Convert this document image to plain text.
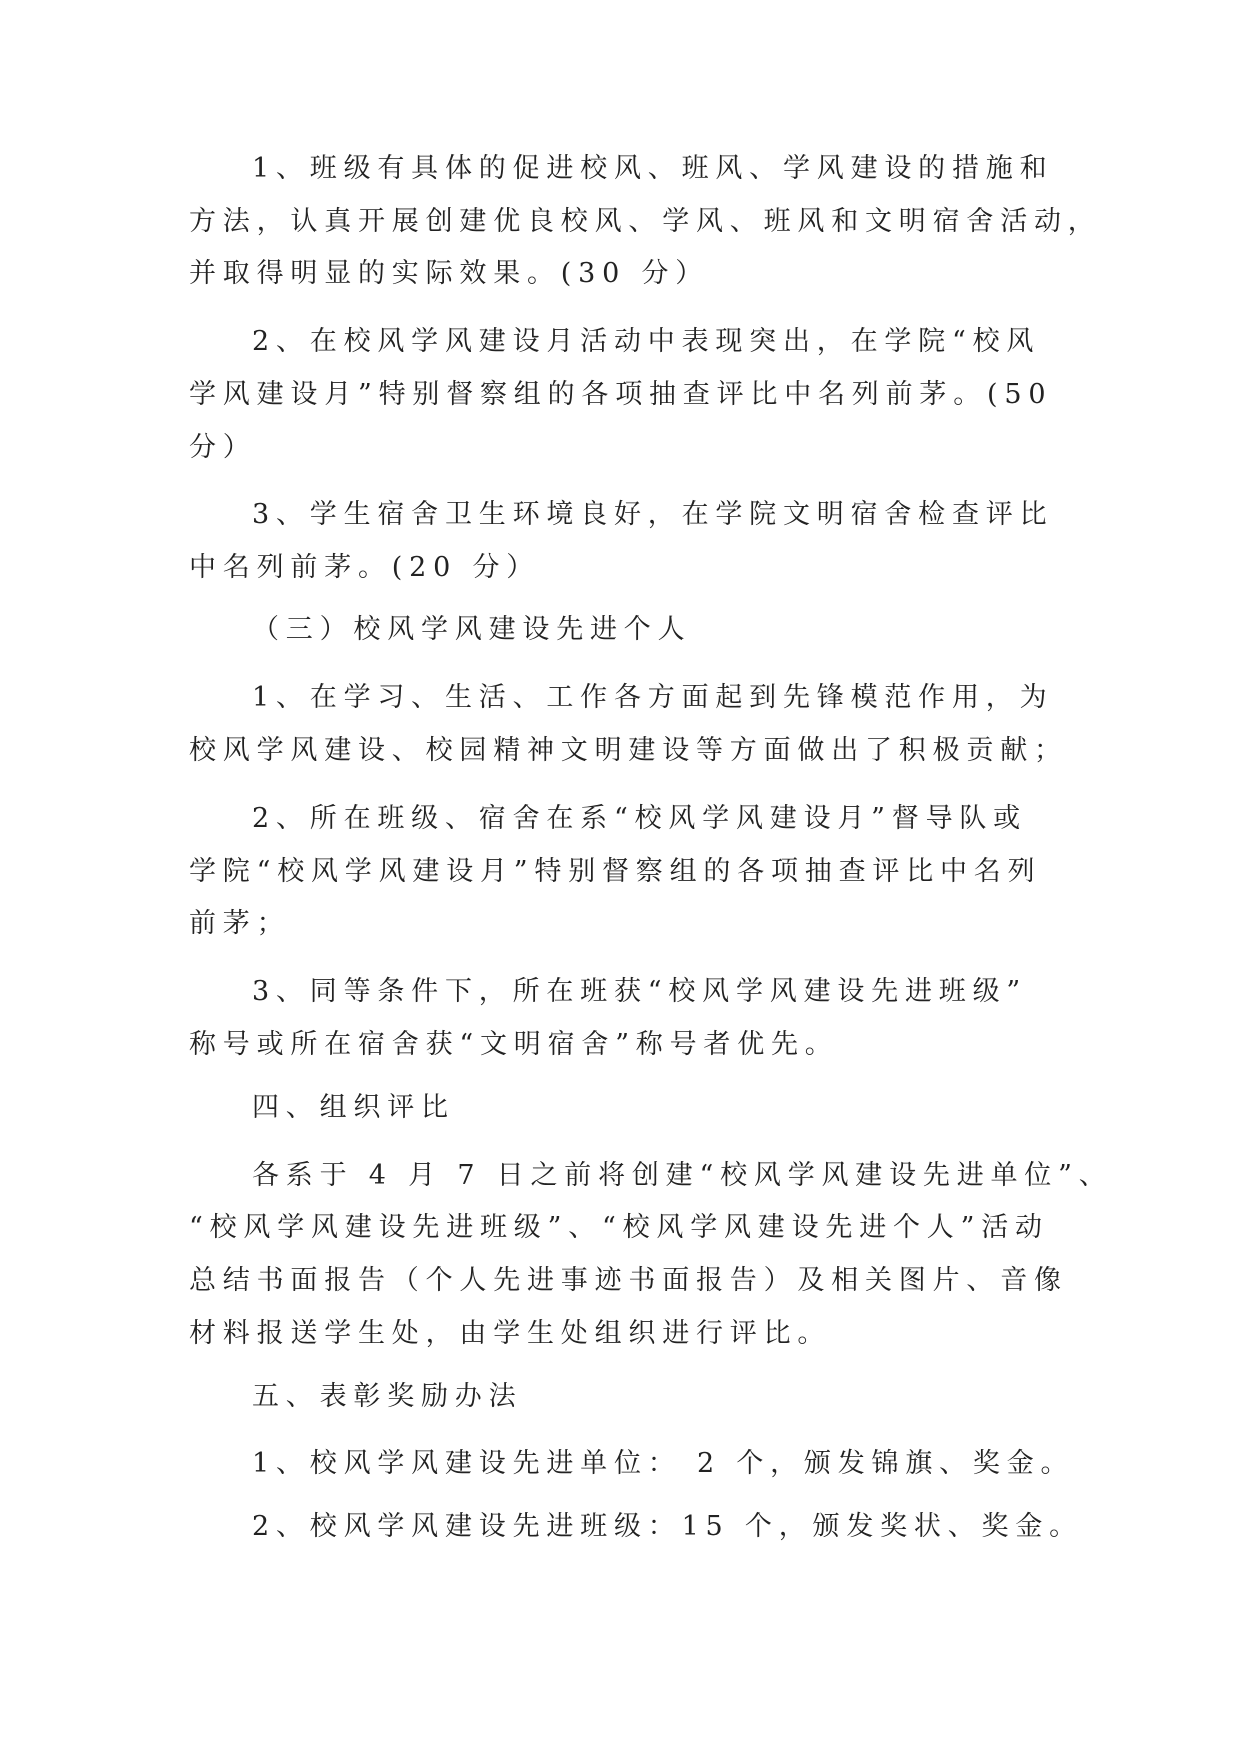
1、班级有具体的促进校风、班风、学风建设的措施和
方法，认真开展创建优良校风、学风、班风和文明宿舍活动，
并取得明显的实际效果。(30 分）
2、在校风学风建设月活动中表现突出，在学院“校风
学风建设月”特别督察组的各项抽查评比中名列前茅。(50
分）
3、学生宿舍卫生环境良好，在学院文明宿舍检查评比
中名列前茅。(20 分）
（三）校风学风建设先进个人
1、在学习、生活、工作各方面起到先锋模范作用，为
校风学风建设、校园精神文明建设等方面做出了积极贡献；
2、所在班级、宿舍在系“校风学风建设月”督导队或
学院“校风学风建设月”特别督察组的各项抽查评比中名列
前茅；
3、同等条件下，所在班获“校风学风建设先进班级”
称号或所在宿舍获“文明宿舍”称号者优先。
四、组织评比
各系于 4 月 7 日之前将创建“校风学风建设先进单位”、
“校风学风建设先进班级”、“校风学风建设先进个人”活动
总结书面报告（个人先进事迹书面报告）及相关图片、音像
材料报送学生处，由学生处组织进行评比。
五、表彰奖励办法
1、校风学风建设先进单位： 2 个，颁发锦旗、奖金。
2、校风学风建设先进班级：15 个，颁发奖状、奖金。
